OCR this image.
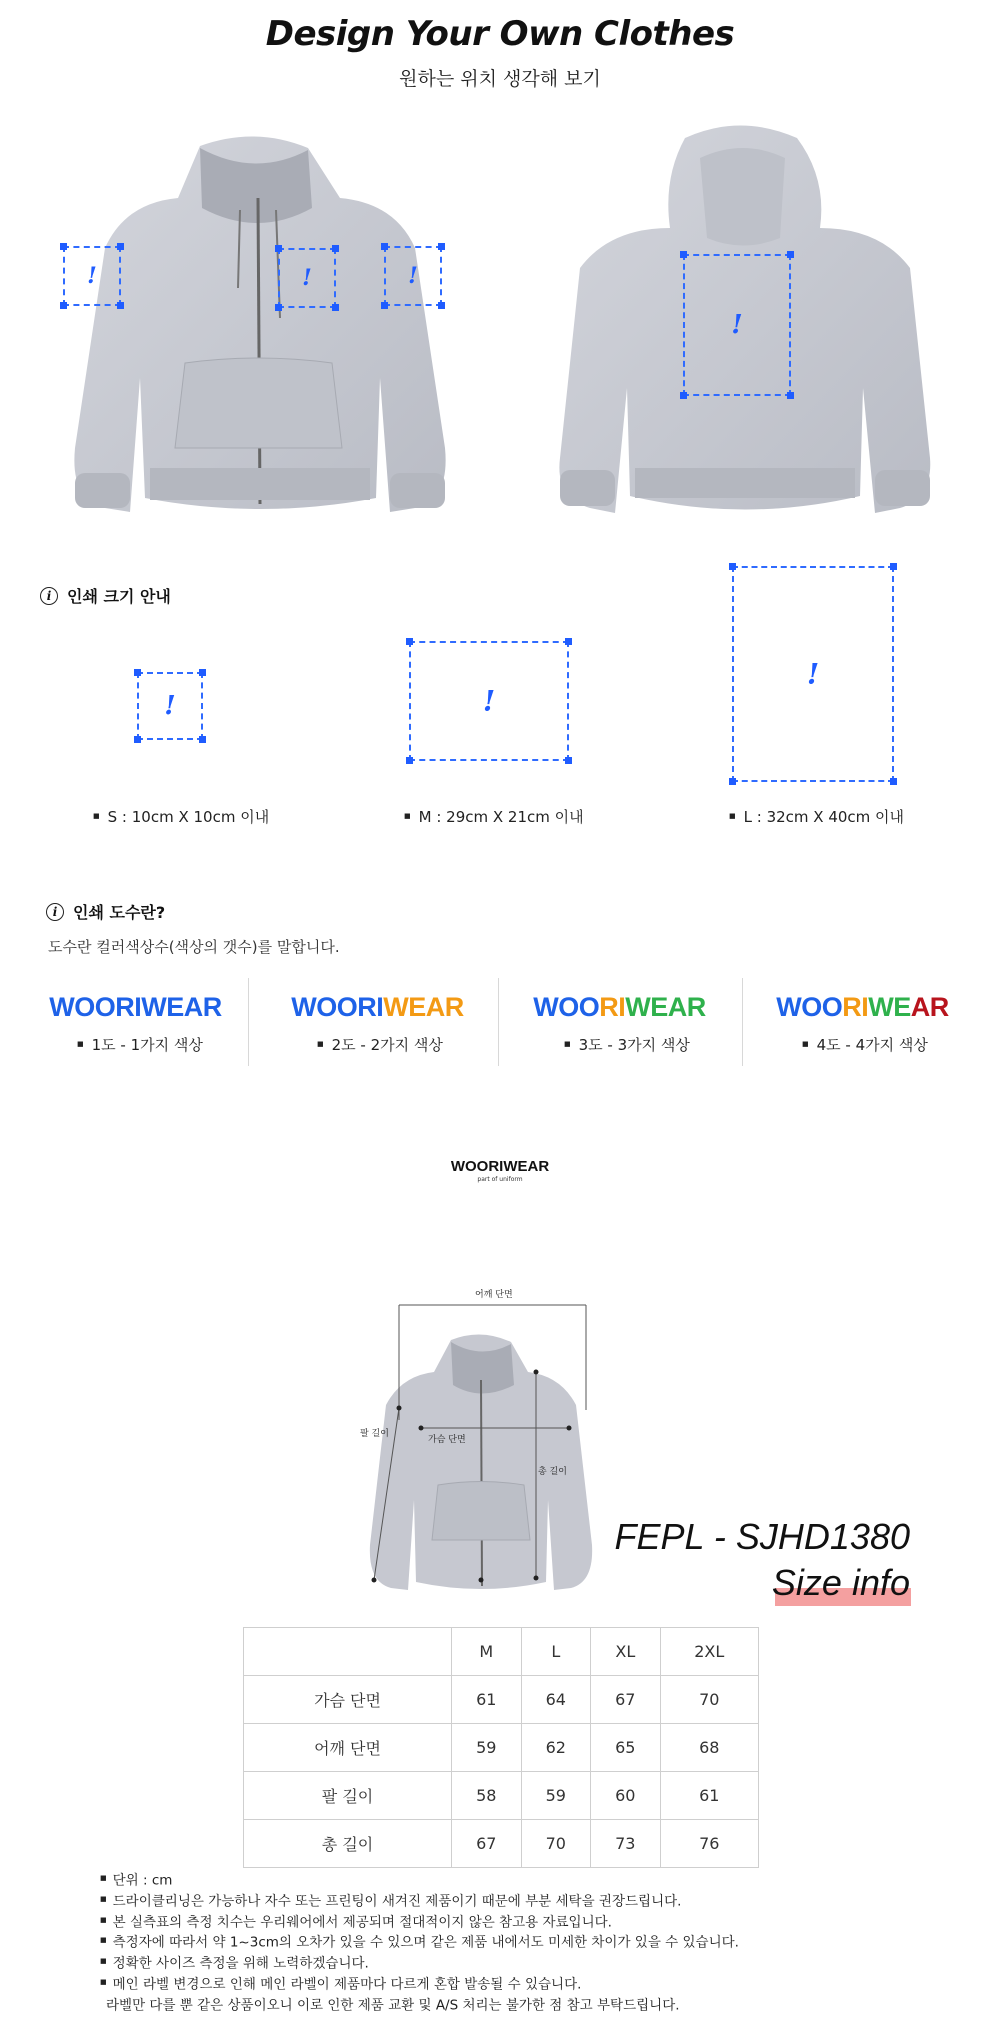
Design Your Own Clothes
원하는 위치 생각해 보기
!	!	!
!
i 인쇄 크기 안내
!	!
!
■ S : 10cm X 10cm 이내	■ M : 29cm X 21cm 이내	■ L : 32cm X 40cm 이내
i 인쇄 도수란?
도수란 컬러색상수(색상의 갯수)를 말합니다.
WOORIWEAR	WOORIWEAR	WOORIWEAR	WOORIWEAR
■ 1도 - 1가지 색상	■ 2도 - 2가지 색상	■ 3도 - 3가지 색상	■ 4도 - 4가지 색상
WOORIWEAR
part of uniform
어깨 단면
팔 길이
가슴 단면
총 길이
FEPL - SJHD1380
Size info
	M	L	XL	2XL
가슴 단면	61	64	67	70
어깨 단면	59	62	65	68
팔 길이	58	59	60	61
총 길이	67	70	73	76
■ 단위 : cm
■ 드라이클리닝은 가능하나 자수 또는 프린팅이 새겨진 제품이기 때문에 부분 세탁을 권장드립니다.
■ 본 실측표의 측정 치수는 우리웨어에서 제공되며 절대적이지 않은 참고용 자료입니다.
■ 측정자에 따라서 약 1~3cm의 오차가 있을 수 있으며 같은 제품 내에서도 미세한 차이가 있을 수 있습니다.
■ 정확한 사이즈 측정을 위해 노력하겠습니다.
■ 메인 라벨 변경으로 인해 메인 라벨이 제품마다 다르게 혼합 발송될 수 있습니다.
라벨만 다를 뿐 같은 상품이오니 이로 인한 제품 교환 및 A/S 처리는 불가한 점 참고 부탁드립니다.
